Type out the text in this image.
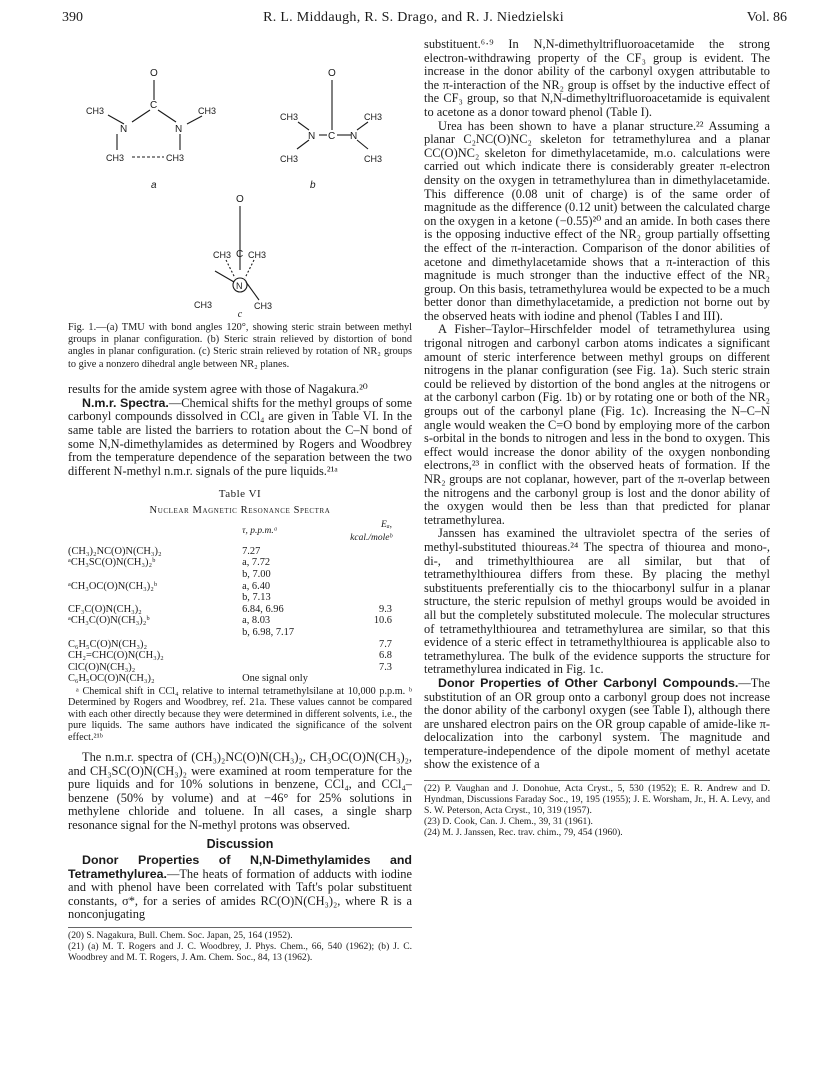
390	R. L. Middaugh, R. S. Drago, and R. J. Niedzielski	Vol. 86
O
C
N	N
CH3	CH3
CH3	CH3
a
O
C
N	N
CH3	CH3
CH3	CH3
b
O
C
N
CH3 CH3
CH3	CH3
c

Fig. 1.—(a) TMU with bond angles 120°, showing steric strain between methyl groups in planar configuration. (b) Steric strain relieved by distortion of bond angles in planar configuration. (c) Steric strain relieved by rotation of NR₂ groups to give a nonzero dihedral angle between NR₂ planes.

results for the amide system agree with those of Nagakura.²⁰

N.m.r. Spectra.—Chemical shifts for the methyl groups of some carbonyl compounds dissolved in CCl₄ are given in Table VI. In the same table are listed the barriers to rotation about the C–N bond of some N,N-dimethylamides as determined by Rogers and Woodbrey from the temperature dependence of the separation between the two different N-methyl n.m.r. signals of the pure liquids.²¹ᵃ

Table VI
Nuclear Magnetic Resonance Spectra
	τ, p.p.m.ᵃ	Eₐ, kcal./moleᵇ
(CH₃)₂NC(O)N(CH₃)₂	7.27	
ᵃCH₃SC(O)N(CH₃)₂ᵇ	a, 7.72	
	b, 7.00	
ᵃCH₃OC(O)N(CH₃)₂ᵇ	a, 6.40	
	b, 7.13	
CF₃C(O)N(CH₃)₂	6.84, 6.96	9.3
ᵃCH₃C(O)N(CH₃)₂ᵇ	a, 8.03	10.6
	b, 6.98, 7.17	
C₆H₅C(O)N(CH₃)₂		7.7
CH₂=CHC(O)N(CH₃)₂		6.8
ClC(O)N(CH₃)₂		7.3
C₆H₅OC(O)N(CH₃)₂	One signal only	

ᵃ Chemical shift in CCl₄ relative to internal tetramethylsilane at 10,000 p.p.m. ᵇ Determined by Rogers and Woodbrey, ref. 21a. These values cannot be compared with each other directly because they were determined in different solvents, i.e., the pure liquids. The same authors have indicated the significance of the solvent effect.²¹ᵇ

The n.m.r. spectra of (CH₃)₂NC(O)N(CH₃)₂, CH₃OC(O)N(CH₃)₂, and CH₃SC(O)N(CH₃)₂ were examined at room temperature for the pure liquids and for 10% solutions in benzene, CCl₄, and CCl₄–benzene (50% by volume) and at −46° for 25% solutions in methylene chloride and toluene. In all cases, a single sharp resonance signal for the N-methyl protons was observed.

Discussion

Donor Properties of N,N-Dimethylamides and Tetramethylurea.—The heats of formation of adducts with iodine and with phenol have been correlated with Taft's polar substituent constants, σ*, for a series of amides RC(O)N(CH₃)₂, where R is a nonconjugating

(20) S. Nagakura, Bull. Chem. Soc. Japan, 25, 164 (1952).

(21) (a) M. T. Rogers and J. C. Woodbrey, J. Phys. Chem., 66, 540 (1962); (b) J. C. Woodbrey and M. T. Rogers, J. Am. Chem. Soc., 84, 13 (1962).

substituent.⁶·⁹ In N,N-dimethyltrifluoroacetamide the strong electron-withdrawing property of the CF₃ group is evident. The increase in the donor ability of the carbonyl oxygen attributable to the π-interaction of the NR₂ group is offset by the inductive effect of the CF₃ group, so that N,N-dimethyltrifluoroacetamide is equivalent to acetone as a donor toward phenol (Table I).

Urea has been shown to have a planar structure.²² Assuming a planar C₂NC(O)NC₂ skeleton for tetramethylurea and a planar CC(O)NC₂ skeleton for dimethylacetamide, m.o. calculations were carried out which indicate there is considerably greater π-electron density on the oxygen in tetramethylurea than in dimethylacetamide. This difference (0.08 unit of charge) is of the same order of magnitude as the difference (0.12 unit) between the calculated charge on the oxygen in a ketone (−0.55)²⁰ and an amide. In both cases there is the opposing inductive effect of the NR₂ group partially offsetting the effect of the π-interaction. Comparison of the donor abilities of acetone and dimethylacetamide shows that a π-interaction of this magnitude is much stronger than the inductive effect of the NR₂ group. On this basis, tetramethylurea would be expected to be a much better donor than dimethylacetamide, a prediction not borne out by the observed heats with iodine and phenol (Tables I and III).

A Fisher–Taylor–Hirschfelder model of tetramethylurea using trigonal nitrogen and carbonyl carbon atoms indicates a significant amount of steric interference between methyl groups on different nitrogens in the planar configuration (see Fig. 1a). Such steric strain could be relieved by distortion of the bond angles at the nitrogens or at the carbonyl carbon (Fig. 1b) or by rotating one or both of the NR₂ groups out of the carbonyl plane (Fig. 1c). Increasing the N–C–N angle would weaken the C=O bond by employing more of the carbon s-orbital in the bonds to nitrogen and less in the bond to oxygen. This effect would increase the donor ability of the oxygen nonbonding electrons,²³ in conflict with the observed heats of formation. If the NR₂ groups are not coplanar, however, part of the π-overlap between the nitrogens and the carbonyl group is lost and the donor ability of the oxygen would then be less than that predicted for planar tetramethylurea.

Janssen has examined the ultraviolet spectra of the series of methyl-substituted thioureas.²⁴ The spectra of thiourea and mono-, di-, and trimethylthiourea are all similar, but that of tetramethylthiourea differs from these. By placing the methyl substituents preferentially cis to the thiocarbonyl sulfur in a planar structure, the steric repulsion of methyl groups would be avoided in all but the completely substituted molecule. The molecular structures of tetramethylthiourea and tetramethylurea are similar, so that this evidence of a steric effect in tetramethylthiourea is applicable also to tetramethylurea. The bulk of the evidence supports the structure for tetramethylurea indicated in Fig. 1c.

Donor Properties of Other Carbonyl Compounds.—The substitution of an OR group onto a carbonyl group does not increase the donor ability of the carbonyl oxygen (see Table I), although there are unshared electron pairs on the OR group capable of amide-like π-delocalization into the carbonyl system. The magnitude and temperature-independence of the dipole moment of methyl acetate show the existence of a

(22) P. Vaughan and J. Donohue, Acta Cryst., 5, 530 (1952); E. R. Andrew and D. Hyndman, Discussions Faraday Soc., 19, 195 (1955); J. E. Worsham, Jr., H. A. Levy, and S. W. Peterson, Acta Cryst., 10, 319 (1957).

(23) D. Cook, Can. J. Chem., 39, 31 (1961).

(24) M. J. Janssen, Rec. trav. chim., 79, 454 (1960).
